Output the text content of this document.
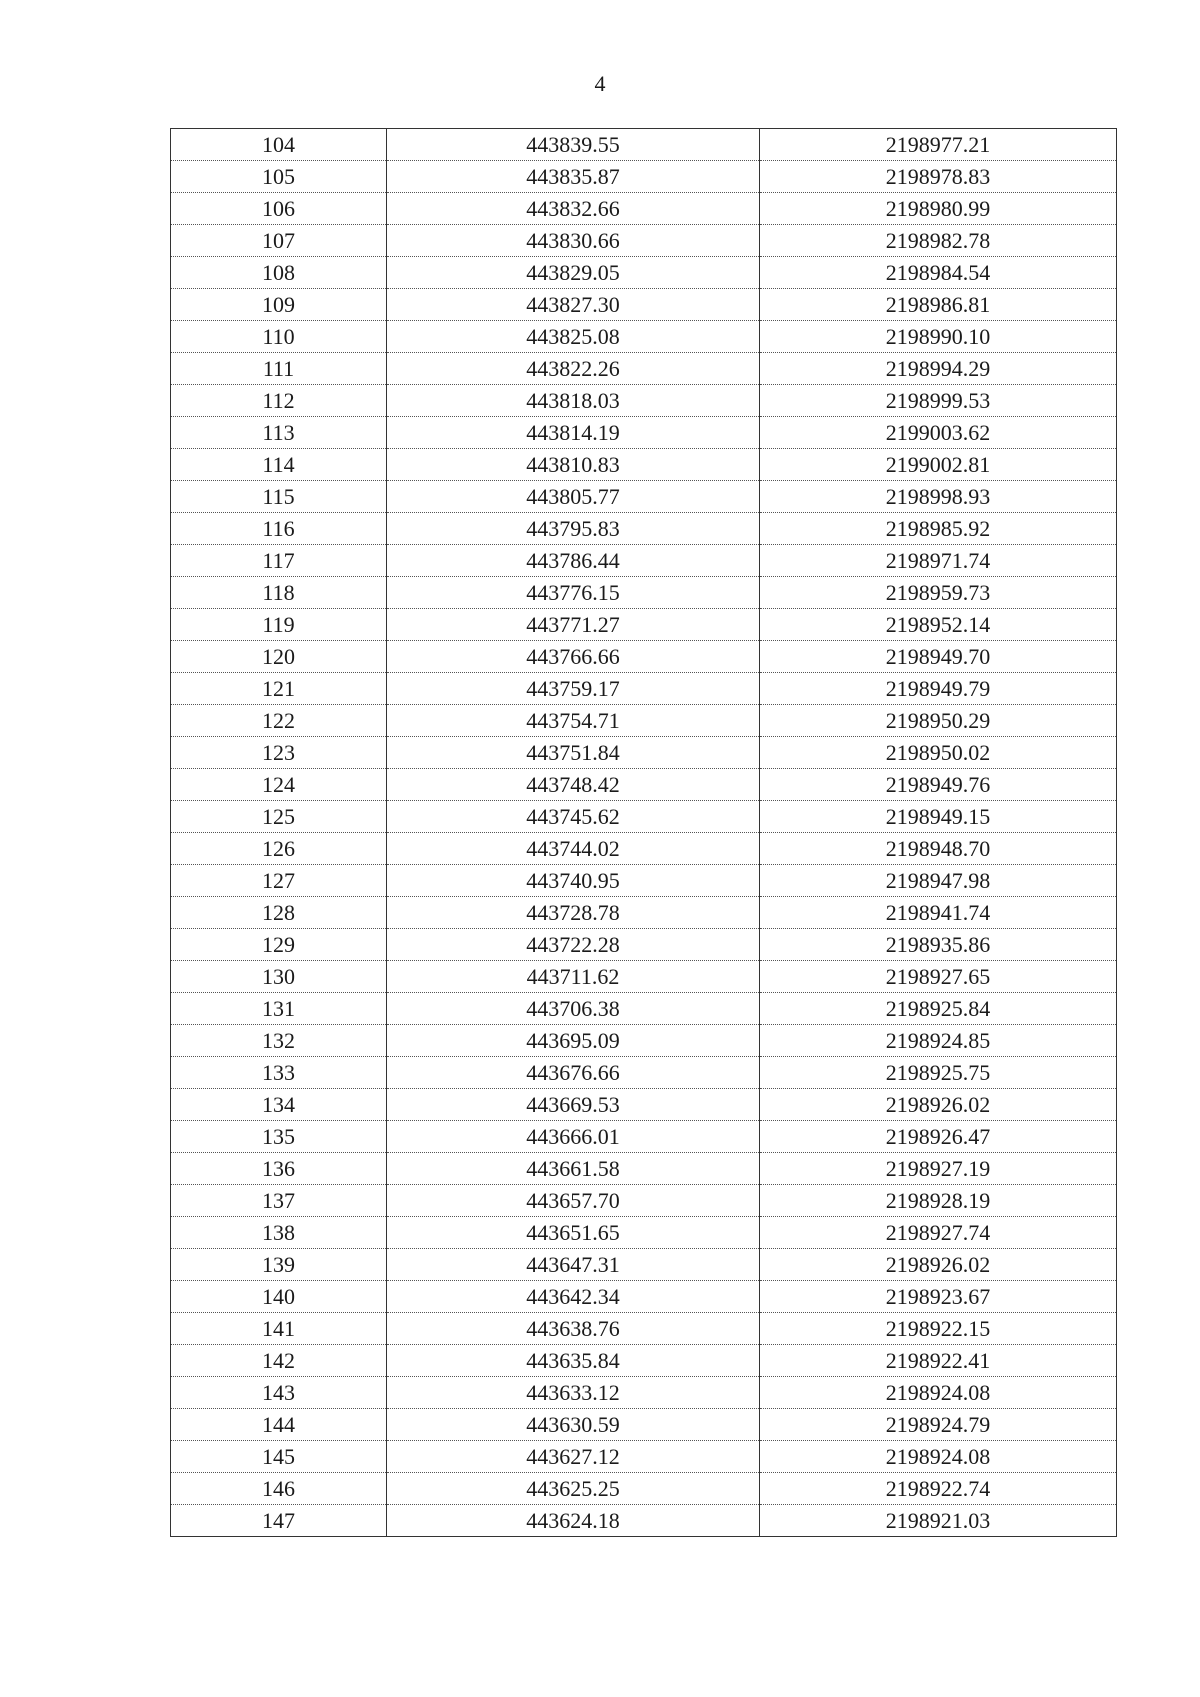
4
104	443839.55	2198977.21
105	443835.87	2198978.83
106	443832.66	2198980.99
107	443830.66	2198982.78
108	443829.05	2198984.54
109	443827.30	2198986.81
110	443825.08	2198990.10
111	443822.26	2198994.29
112	443818.03	2198999.53
113	443814.19	2199003.62
114	443810.83	2199002.81
115	443805.77	2198998.93
116	443795.83	2198985.92
117	443786.44	2198971.74
118	443776.15	2198959.73
119	443771.27	2198952.14
120	443766.66	2198949.70
121	443759.17	2198949.79
122	443754.71	2198950.29
123	443751.84	2198950.02
124	443748.42	2198949.76
125	443745.62	2198949.15
126	443744.02	2198948.70
127	443740.95	2198947.98
128	443728.78	2198941.74
129	443722.28	2198935.86
130	443711.62	2198927.65
131	443706.38	2198925.84
132	443695.09	2198924.85
133	443676.66	2198925.75
134	443669.53	2198926.02
135	443666.01	2198926.47
136	443661.58	2198927.19
137	443657.70	2198928.19
138	443651.65	2198927.74
139	443647.31	2198926.02
140	443642.34	2198923.67
141	443638.76	2198922.15
142	443635.84	2198922.41
143	443633.12	2198924.08
144	443630.59	2198924.79
145	443627.12	2198924.08
146	443625.25	2198922.74
147	443624.18	2198921.03
